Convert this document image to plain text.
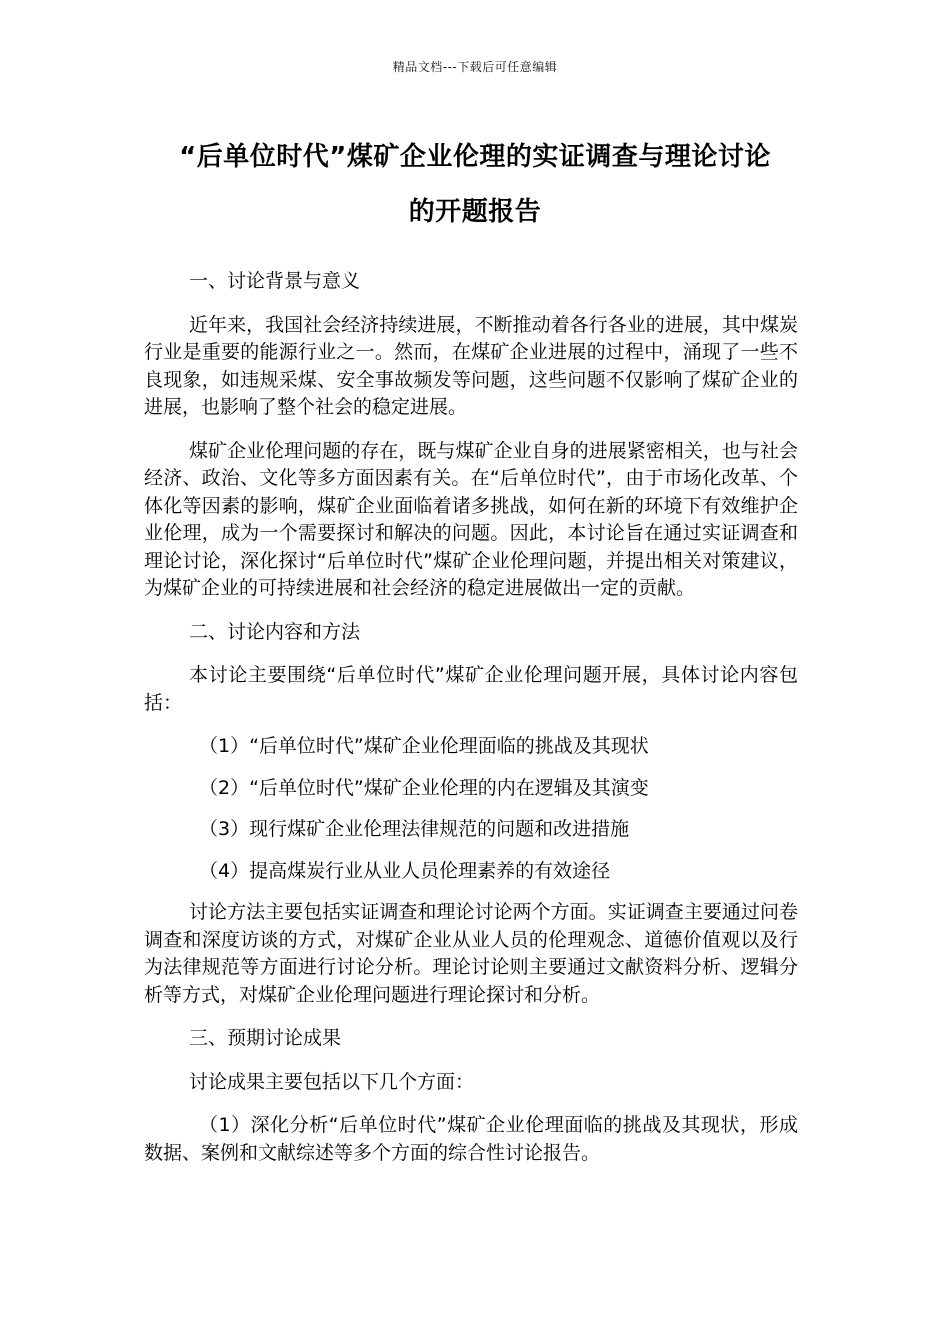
精品文档---下载后可任意编辑
“后单位时代”煤矿企业伦理的实证调查与理论讨论
的开题报告

一、讨论背景与意义

近年来，我国社会经济持续进展，不断推动着各行各业的进展，其中煤炭行业是重要的能源行业之一。然而，在煤矿企业进展的过程中，涌现了一些不良现象，如违规采煤、安全事故频发等问题，这些问题不仅影响了煤矿企业的进展，也影响了整个社会的稳定进展。

煤矿企业伦理问题的存在，既与煤矿企业自身的进展紧密相关，也与社会经济、政治、文化等多方面因素有关。在“后单位时代”，由于市场化改革、个体化等因素的影响，煤矿企业面临着诸多挑战，如何在新的环境下有效维护企业伦理，成为一个需要探讨和解决的问题。因此，本讨论旨在通过实证调查和理论讨论，深化探讨“后单位时代”煤矿企业伦理问题，并提出相关对策建议，为煤矿企业的可持续进展和社会经济的稳定进展做出一定的贡献。

二、讨论内容和方法

本讨论主要围绕“后单位时代”煤矿企业伦理问题开展，具体讨论内容包括：

（1）“后单位时代”煤矿企业伦理面临的挑战及其现状

（2）“后单位时代”煤矿企业伦理的内在逻辑及其演变

（3）现行煤矿企业伦理法律规范的问题和改进措施

（4）提高煤炭行业从业人员伦理素养的有效途径

讨论方法主要包括实证调查和理论讨论两个方面。实证调查主要通过问卷调查和深度访谈的方式，对煤矿企业从业人员的伦理观念、道德价值观以及行为法律规范等方面进行讨论分析。理论讨论则主要通过文献资料分析、逻辑分析等方式，对煤矿企业伦理问题进行理论探讨和分析。

三、预期讨论成果

讨论成果主要包括以下几个方面：

（1）深化分析“后单位时代”煤矿企业伦理面临的挑战及其现状，形成数据、案例和文献综述等多个方面的综合性讨论报告。
